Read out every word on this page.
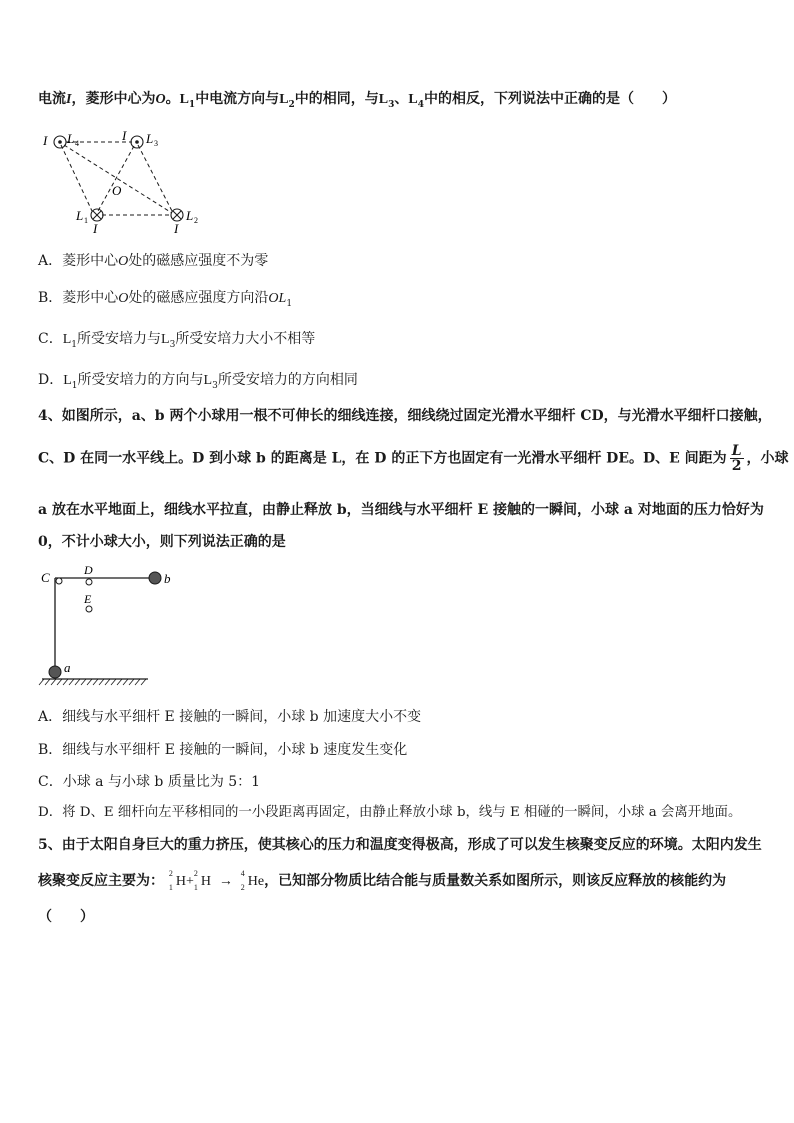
电流I，菱形中心为O。$L_1$中电流方向与$L_2$中的相同，与$L_3$、$L_4$中的相反，下列说法中正确的是（　　）
I L 4
I L 3
O
L 1
I
L 2
I
A．菱形中心O处的磁感应强度不为零
B．菱形中心O处的磁感应强度方向沿$OL_1$
C．$L_1$所受安培力与$L_3$所受安培力大小不相等
D．$L_1$所受安培力的方向与$L_3$所受安培力的方向相同
4、如图所示，a、b 两个小球用一根不可伸长的细线连接，细线绕过固定光滑水平细杆 CD，与光滑水平细杆口接触，
C、D 在同一水平线上。D 到小球 b 的距离是 L，在 D 的正下方也固定有一光滑水平细杆 DE。D、E 间距为 $\frac{L}{2}$ ，小球
a 放在水平地面上，细线水平拉直，由静止释放 b，当细线与水平细杆 E 接触的一瞬间，小球 a 对地面的压力恰好为
0，不计小球大小，则下列说法正确的是
C	D
E
b
a
A．细线与水平细杆 E 接触的一瞬间，小球 b 加速度大小不变
B．细线与水平细杆 E 接触的一瞬间，小球 b 速度发生变化
C．小球 a 与小球 b 质量比为 5：1
D．将 D、E 细杆向左平移相同的一小段距离再固定，由静止释放小球 b，线与 E 相碰的一瞬间，小球 a 会离开地面。
5、由于太阳自身巨大的重力挤压，使其核心的压力和温度变得极高，形成了可以发生核聚变反应的环境。太阳内发生
核聚变反应主要为： 2
1 H+
2
1 H →
4
2 He，已知部分物质比结合能与质量数关系如图所示，则该反应释放的核能约为
（　　）
